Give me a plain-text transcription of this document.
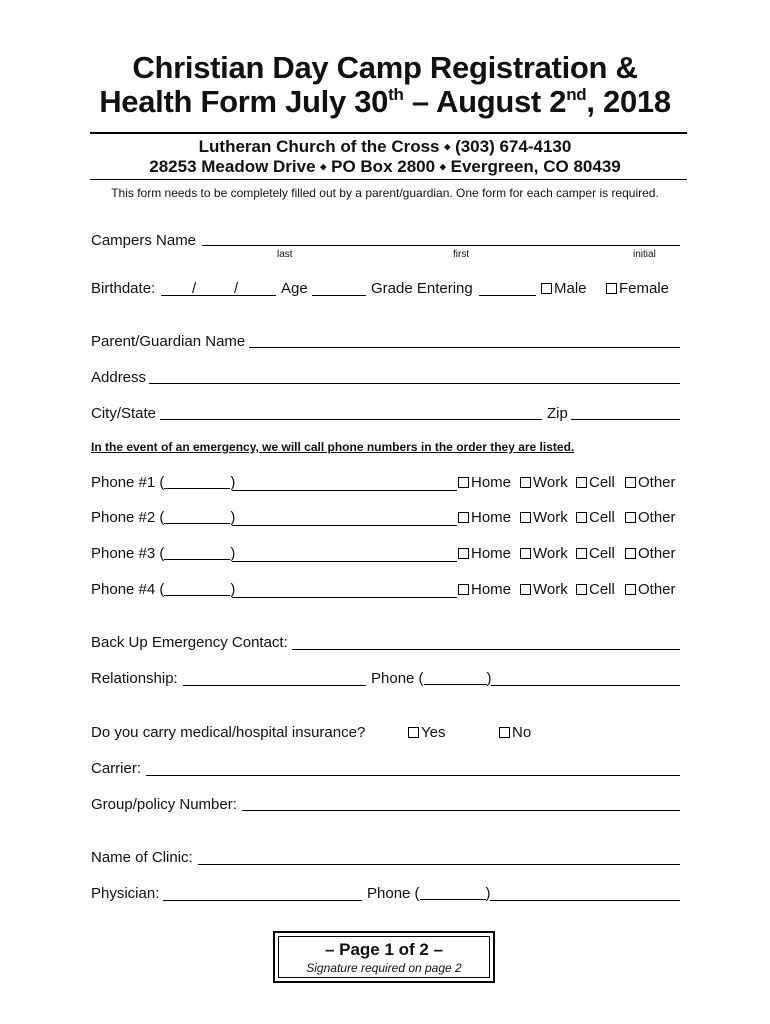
Christian Day Camp Registration &
Health Form July 30th – August 2nd, 2018
Lutheran Church of the Cross ⬩ (303) 674-4130
28253 Meadow Drive ⬩ PO Box 2800 ⬩ Evergreen, CO 80439
This form needs to be completely filled out by a parent/guardian. One form for each camper is required.
Campers Name
last	first	initial
Birthdate: /	/	Age	Grade Entering	Male	Female
Parent/Guardian Name
Address
City/State	Zip
In the event of an emergency, we will call phone numbers in the order they are listed.
Phone #1 (	)	Home	Work	Cell	Other
Phone #2 (	)	Home	Work	Cell	Other
Phone #3 (	)	Home	Work	Cell	Other
Phone #4 (	)	Home	Work	Cell	Other
Back Up Emergency Contact:
Relationship:	Phone (	)
Do you carry medical/hospital insurance?	Yes	No
Carrier:
Group/policy Number:
Name of Clinic:
Physician:	Phone (	)
– Page 1 of 2 –
Signature required on page 2
